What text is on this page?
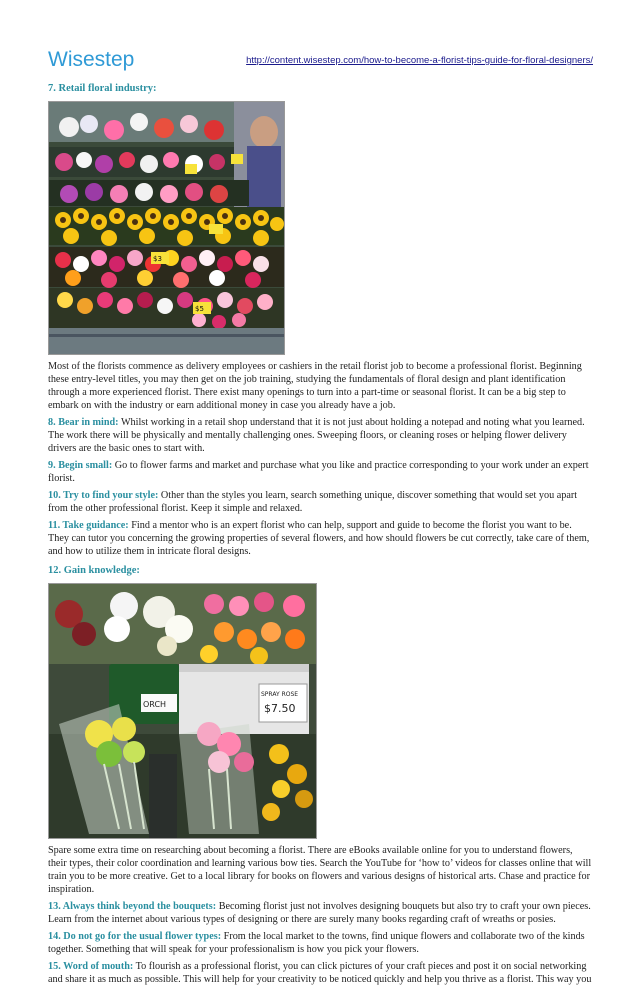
Wisestep	http://content.wisestep.com/how-to-become-a-florist-tips-guide-for-floral-designers/
7. Retail floral industry:
$5
$3

Most of the florists commence as delivery employees or cashiers in the retail florist job to become a professional florist. Beginning these entry-level titles, you may then get on the job training, studying the fundamentals of floral design and plant identification through a more experienced florist. There exist many openings to turn into a part-time or seasonal florist. It can be a big step to embark on with the industry or earn additional money in case you already have a job.

8. Bear in mind: Whilst working in a retail shop understand that it is not just about holding a notepad and noting what you learned. The work there will be physically and mentally challenging ones. Sweeping floors, or cleaning roses or helping flower delivery drivers are the basic ones to start with.

9. Begin small: Go to flower farms and market and purchase what you like and practice corresponding to your work under an expert florist.

10. Try to find your style: Other than the styles you learn, search something unique, discover something that would set you apart from the other professional florist. Keep it simple and relaxed.

11. Take guidance: Find a mentor who is an expert florist who can help, support and guide to become the florist you want to be. They can tutor you concerning the growing properties of several flowers, and how should flowers be cut correctly, take care of them, and how to utilize them in intricate floral designs.

12. Gain knowledge:
SPRAY ROSE
$7.50
ORCH

Spare some extra time on researching about becoming a florist. There are eBooks available online for you to understand flowers, their types, their color coordination and learning various bow ties. Search the YouTube for ‘how to’ videos for classes online that will train you to be more creative. Get to a local library for books on flowers and various designs of historical arts. Chase and practice for inspiration.

13. Always think beyond the bouquets: Becoming florist just not involves designing bouquets but also try to craft your own pieces. Learn from the internet about various types of designing or there are surely many books regarding craft of wreaths or posies.

14. Do not go for the usual flower types: From the local market to the towns, find unique flowers and collaborate two of the kinds together. Something that will speak for your professionalism is how you pick your flowers.

15. Word of mouth: To flourish as a professional florist, you can click pictures of your craft pieces and post it on social networking and share it as much as possible. This will help for your creativity to be noticed quickly and help you thrive as a florist. This way you
